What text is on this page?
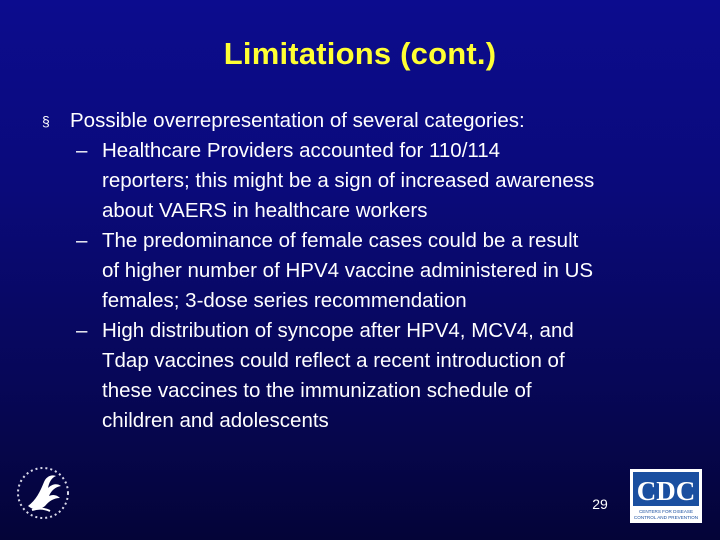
Limitations (cont.)
§ Possible overrepresentation of several categories:
– Healthcare Providers accounted for 110/114
reporters; this might be a sign of increased awareness
about VAERS in healthcare workers
– The predominance of female cases could be a result
of higher number of HPV4 vaccine administered in US
females; 3-dose series recommendation
– High distribution of syncope after HPV4, MCV4, and
Tdap vaccines could reflect a recent introduction of
these vaccines to the immunization schedule of
children and adolescents
29	CDC
CENTERS FOR DISEASE
CONTROL AND PREVENTION
